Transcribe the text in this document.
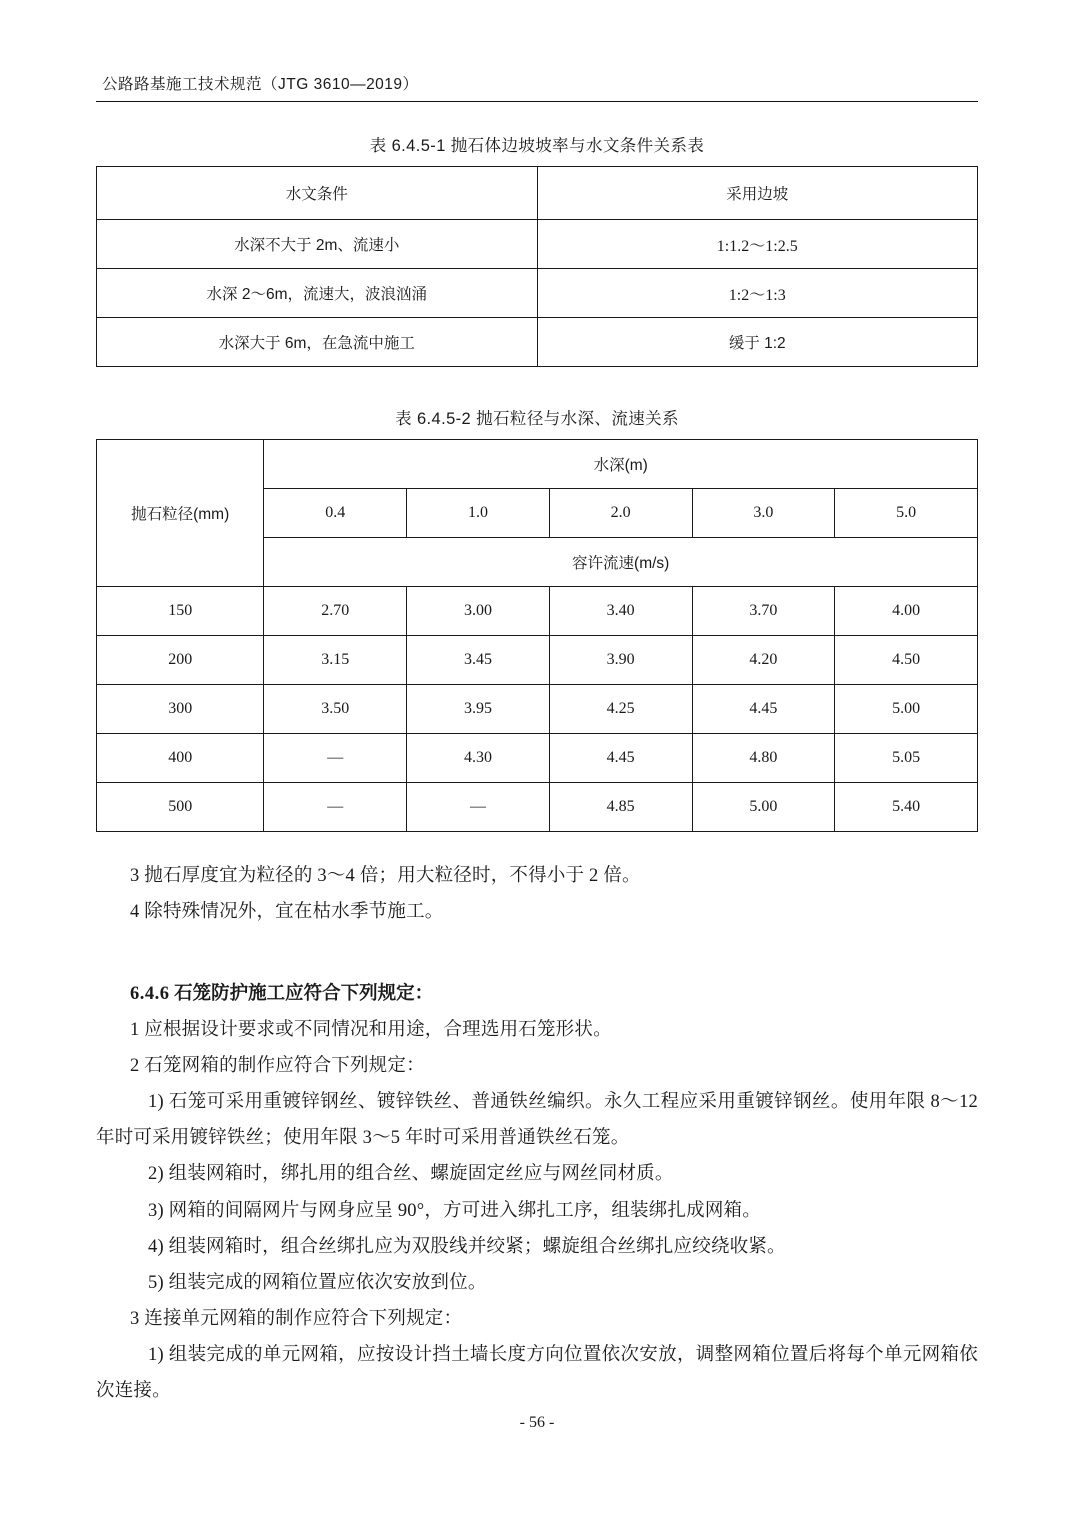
公路路基施工技术规范（JTG 3610—2019）
表 6.4.5-1 抛石体边坡坡率与水文条件关系表
水文条件	采用边坡
水深不大于 2m、流速小	1:1.2～1:2.5
水深 2～6m，流速大，波浪汹涌	1:2～1:3
水深大于 6m，在急流中施工	缓于 1:2
表 6.4.5-2 抛石粒径与水深、流速关系
抛石粒径(mm)	水深(m)				
	0.4	1.0	2.0	3.0	5.0
	容许流速(m/s)				
150	2.70	3.00	3.40	3.70	4.00
200	3.15	3.45	3.90	4.20	4.50
300	3.50	3.95	4.25	4.45	5.00
400	—	4.30	4.45	4.80	5.05
500	—	—	4.85	5.00	5.40

3 抛石厚度宜为粒径的 3～4 倍；用大粒径时，不得小于 2 倍。

4 除特殊情况外，宜在枯水季节施工。

6.4.6 石笼防护施工应符合下列规定：

1 应根据设计要求或不同情况和用途，合理选用石笼形状。

2 石笼网箱的制作应符合下列规定：

1) 石笼可采用重镀锌钢丝、镀锌铁丝、普通铁丝编织。永久工程应采用重镀锌钢丝。使用年限 8～12 年时可采用镀锌铁丝；使用年限 3～5 年时可采用普通铁丝石笼。

2) 组装网箱时，绑扎用的组合丝、螺旋固定丝应与网丝同材质。

3) 网箱的间隔网片与网身应呈 90°，方可进入绑扎工序，组装绑扎成网箱。

4) 组装网箱时，组合丝绑扎应为双股线并绞紧；螺旋组合丝绑扎应绞绕收紧。

5) 组装完成的网箱位置应依次安放到位。

3 连接单元网箱的制作应符合下列规定：

1) 组装完成的单元网箱，应按设计挡土墙长度方向位置依次安放，调整网箱位置后将每个单元网箱依次连接。

- 56 -
